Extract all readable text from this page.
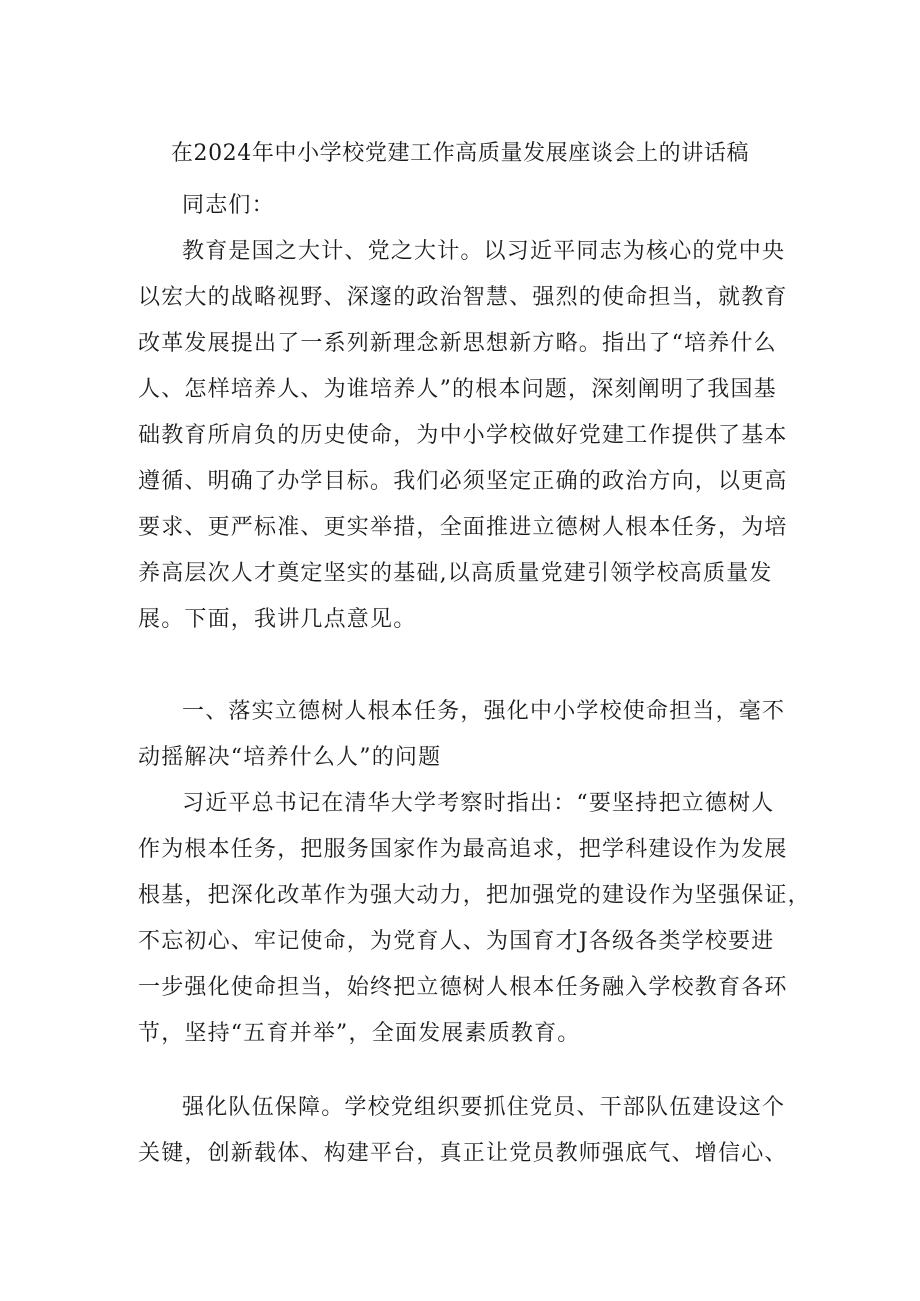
在2024年中小学校党建工作高质量发展座谈会上的讲话稿
同志们：
教育是国之大计、党之大计。以习近平同志为核心的党中央
以宏大的战略视野、深邃的政治智慧、强烈的使命担当，就教育
改革发展提出了一系列新理念新思想新方略。指出了“培养什么
人、怎样培养人、为谁培养人”的根本问题，深刻阐明了我国基
础教育所肩负的历史使命，为中小学校做好党建工作提供了基本
遵循、明确了办学目标。我们必须坚定正确的政治方向，以更高
要求、更严标准、更实举措，全面推进立德树人根本任务，为培
养高层次人才奠定坚实的基础,以高质量党建引领学校高质量发
展。下面，我讲几点意见。
一、落实立德树人根本任务，强化中小学校使命担当，毫不
动摇解决“培养什么人”的问题
习近平总书记在清华大学考察时指出：“要坚持把立德树人
作为根本任务，把服务国家作为最高追求，把学科建设作为发展
根基，把深化改革作为强大动力，把加强党的建设作为坚强保证，
不忘初心、牢记使命，为党育人、为国育才J各级各类学校要进
一步强化使命担当，始终把立德树人根本任务融入学校教育各环
节，坚持“五育并举”，全面发展素质教育。
强化队伍保障。学校党组织要抓住党员、干部队伍建设这个
关键，创新载体、构建平台，真正让党员教师强底气、增信心、
